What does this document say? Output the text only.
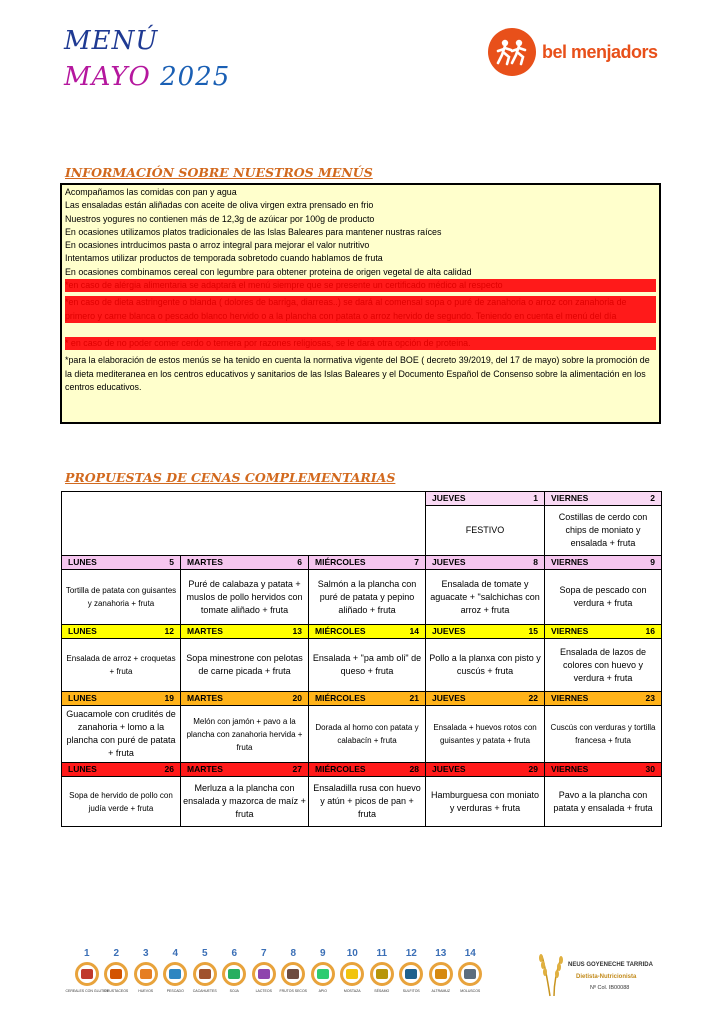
MENÚ
MAYO 2025
bel menjadors
INFORMACIÓN SOBRE NUESTROS MENÚS
Acompañamos las comidas con pan y agua
Las ensaladas están aliñadas con aceite de oliva virgen extra prensado en frio
Nuestros yogures no contienen más de 12,3g de azúicar por 100g de producto
En ocasiones utilizamos platos tradicionales de las Islas Baleares para mantener nustras raíces
En ocasiones intrducimos pasta o arroz integral para mejorar el valor nutritivo
Intentamos utilizar productos de temporada sobretodo cuando hablamos de fruta
En ocasiones combinamos cereal con legumbre para obtener proteina de origen vegetal de alta calidad
*en caso de alérgia alimentaria se adaptará el menú siempre que se presente un certificado médico al respecto
*en caso de dieta astringente o blanda ( dolores de barriga, diarreas..) se dará al comensal sopa o puré de zanahoria o arroz con zanahoria de primero y carne blanca o pescado blanco hervido o a la plancha con patata o arroz hervido de segundo. Teniendo en cuenta el menú del día
* en caso de no poder comer cerdo o ternera por razones religiosas, se le dará otra opción de proteina.
*para la elaboración de estos menús se ha tenido en cuenta la normativa vigente del BOE ( decreto 39/2019, del 17 de mayo) sobre la promoción de la dieta mediteranea en los centros educativos y sanitarios de las Islas Baleares y el Documento Español de Consenso sobre la alimentación en los centros educativos.
PROPUESTAS DE CENAS COMPLEMENTARIAS
			JUEVES 1	VIERNES 2

			FESTIVO	Costillas de cerdo con chips de moniato y ensalada + fruta
LUNES 5	MARTES 6	MIÉRCOLES 7	JUEVES 8	VIERNES 9

Tortilla de patata con guisantes y zanahoria + fruta	Puré de calabaza y patata + muslos de pollo hervidos con tomate aliñado + fruta	Salmón a la plancha con puré de patata y pepino aliñado + fruta	Ensalada de tomate y aguacate + "salchichas con arroz + fruta	Sopa de pescado con verdura + fruta
LUNES 12	MARTES 13	MIÉRCOLES 14	JUEVES 15	VIERNES 16

Ensalada de arroz + croquetas + fruta	Sopa minestrone con pelotas de carne picada + fruta	Ensalada + "pa amb oli" de queso + fruta	Pollo a la planxa con pisto y cuscús + fruta	Ensalada de lazos de colores con huevo y verdura + fruta
LUNES 19	MARTES 20	MIÉRCOLES 21	JUEVES 22	VIERNES 23

Guacamole con crudités de zanahoria + lomo a la plancha con puré de patata + fruta	Melón con jamón + pavo a la plancha con zanahoria hervida + fruta	Dorada al horno con patata y calabacín + fruta	Ensalada + huevos rotos con guisantes y patata + fruta	Cuscús con verduras y tortilla francesa + fruta
LUNES 26	MARTES 27	MIÉRCOLES 28	JUEVES 29	VIERNES 30

Sopa de hervido de pollo con judía verde + fruta	Merluza a la plancha con ensalada y mazorca de maíz + fruta	Ensaladilla rusa con huevo y atún + picos de pan + fruta	Hamburguesa con moniato y verduras + fruta	Pavo a la plancha con patata y ensalada + fruta
1
CEREALES CON GLUTEN
2
CRUSTACEOS
3
HUEVOS
4
PESCADO
5
CACAHUETES
6
SOJA
7
LACTEOS
8
FRUTOS SECOS
9
APIO
10
MOSTAZA
11
SÉSAMO
12
SULFITOS
13
ALTRAMUZ
14
MOLUSCOS
NEUS GOYENECHE TARRIDA
Dietista-Nutricionista
Nº Col. IB00088
